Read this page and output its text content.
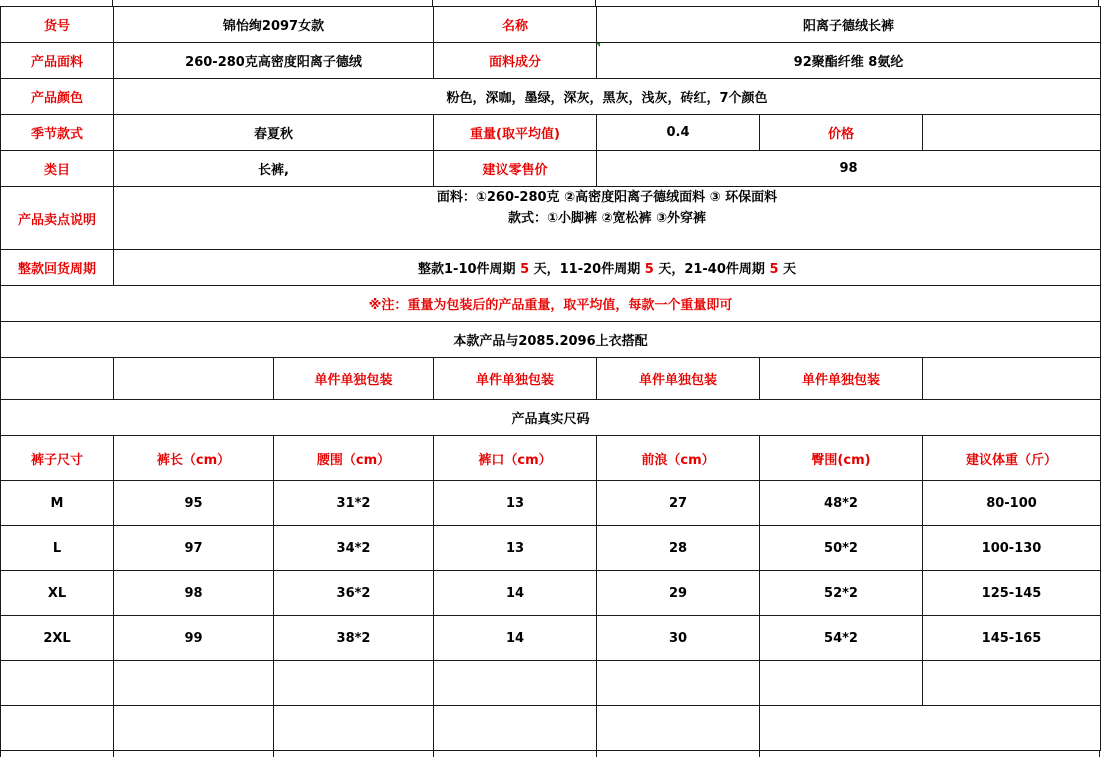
货号	锦怡绚2097女款		名称	阳离子德绒长裤		
产品面料	260-280克高密度阳离子德绒		面料成分	92聚酯纤维 8氨纶		
产品颜色	粉色，深咖，墨绿，深灰，黑灰，浅灰，砖红，7个颜色					
季节款式	春夏秋		重量(取平均值)	0.4	价格	
类目	长裤,		建议零售价	98		
产品卖点说明	面料：①260-280克 ②高密度阳离子德绒面料 ③ 环保面料
款式：①小脚裤 ②宽松裤 ③外穿裤					

整款回货周期	整款1-10件周期 5 天，11-20件周期 5 天，21-40件周期 5 天					
※注：重量为包装后的产品重量，取平均值，每款一个重量即可						
本款产品与2085.2096上衣搭配						
		单件单独包装	单件单独包装	单件单独包装	单件单独包装	
产品真实尺码						
裤子尺寸	裤长（cm）	腰围（cm）	裤口（cm）	前浪（cm）	臀围(cm)	建议体重（斤）
M	95	31*2	13	27	48*2	80-100
L	97	34*2	13	28	50*2	100-130
XL	98	36*2	14	29	52*2	125-145
2XL	99	38*2	14	30	54*2	145-165
